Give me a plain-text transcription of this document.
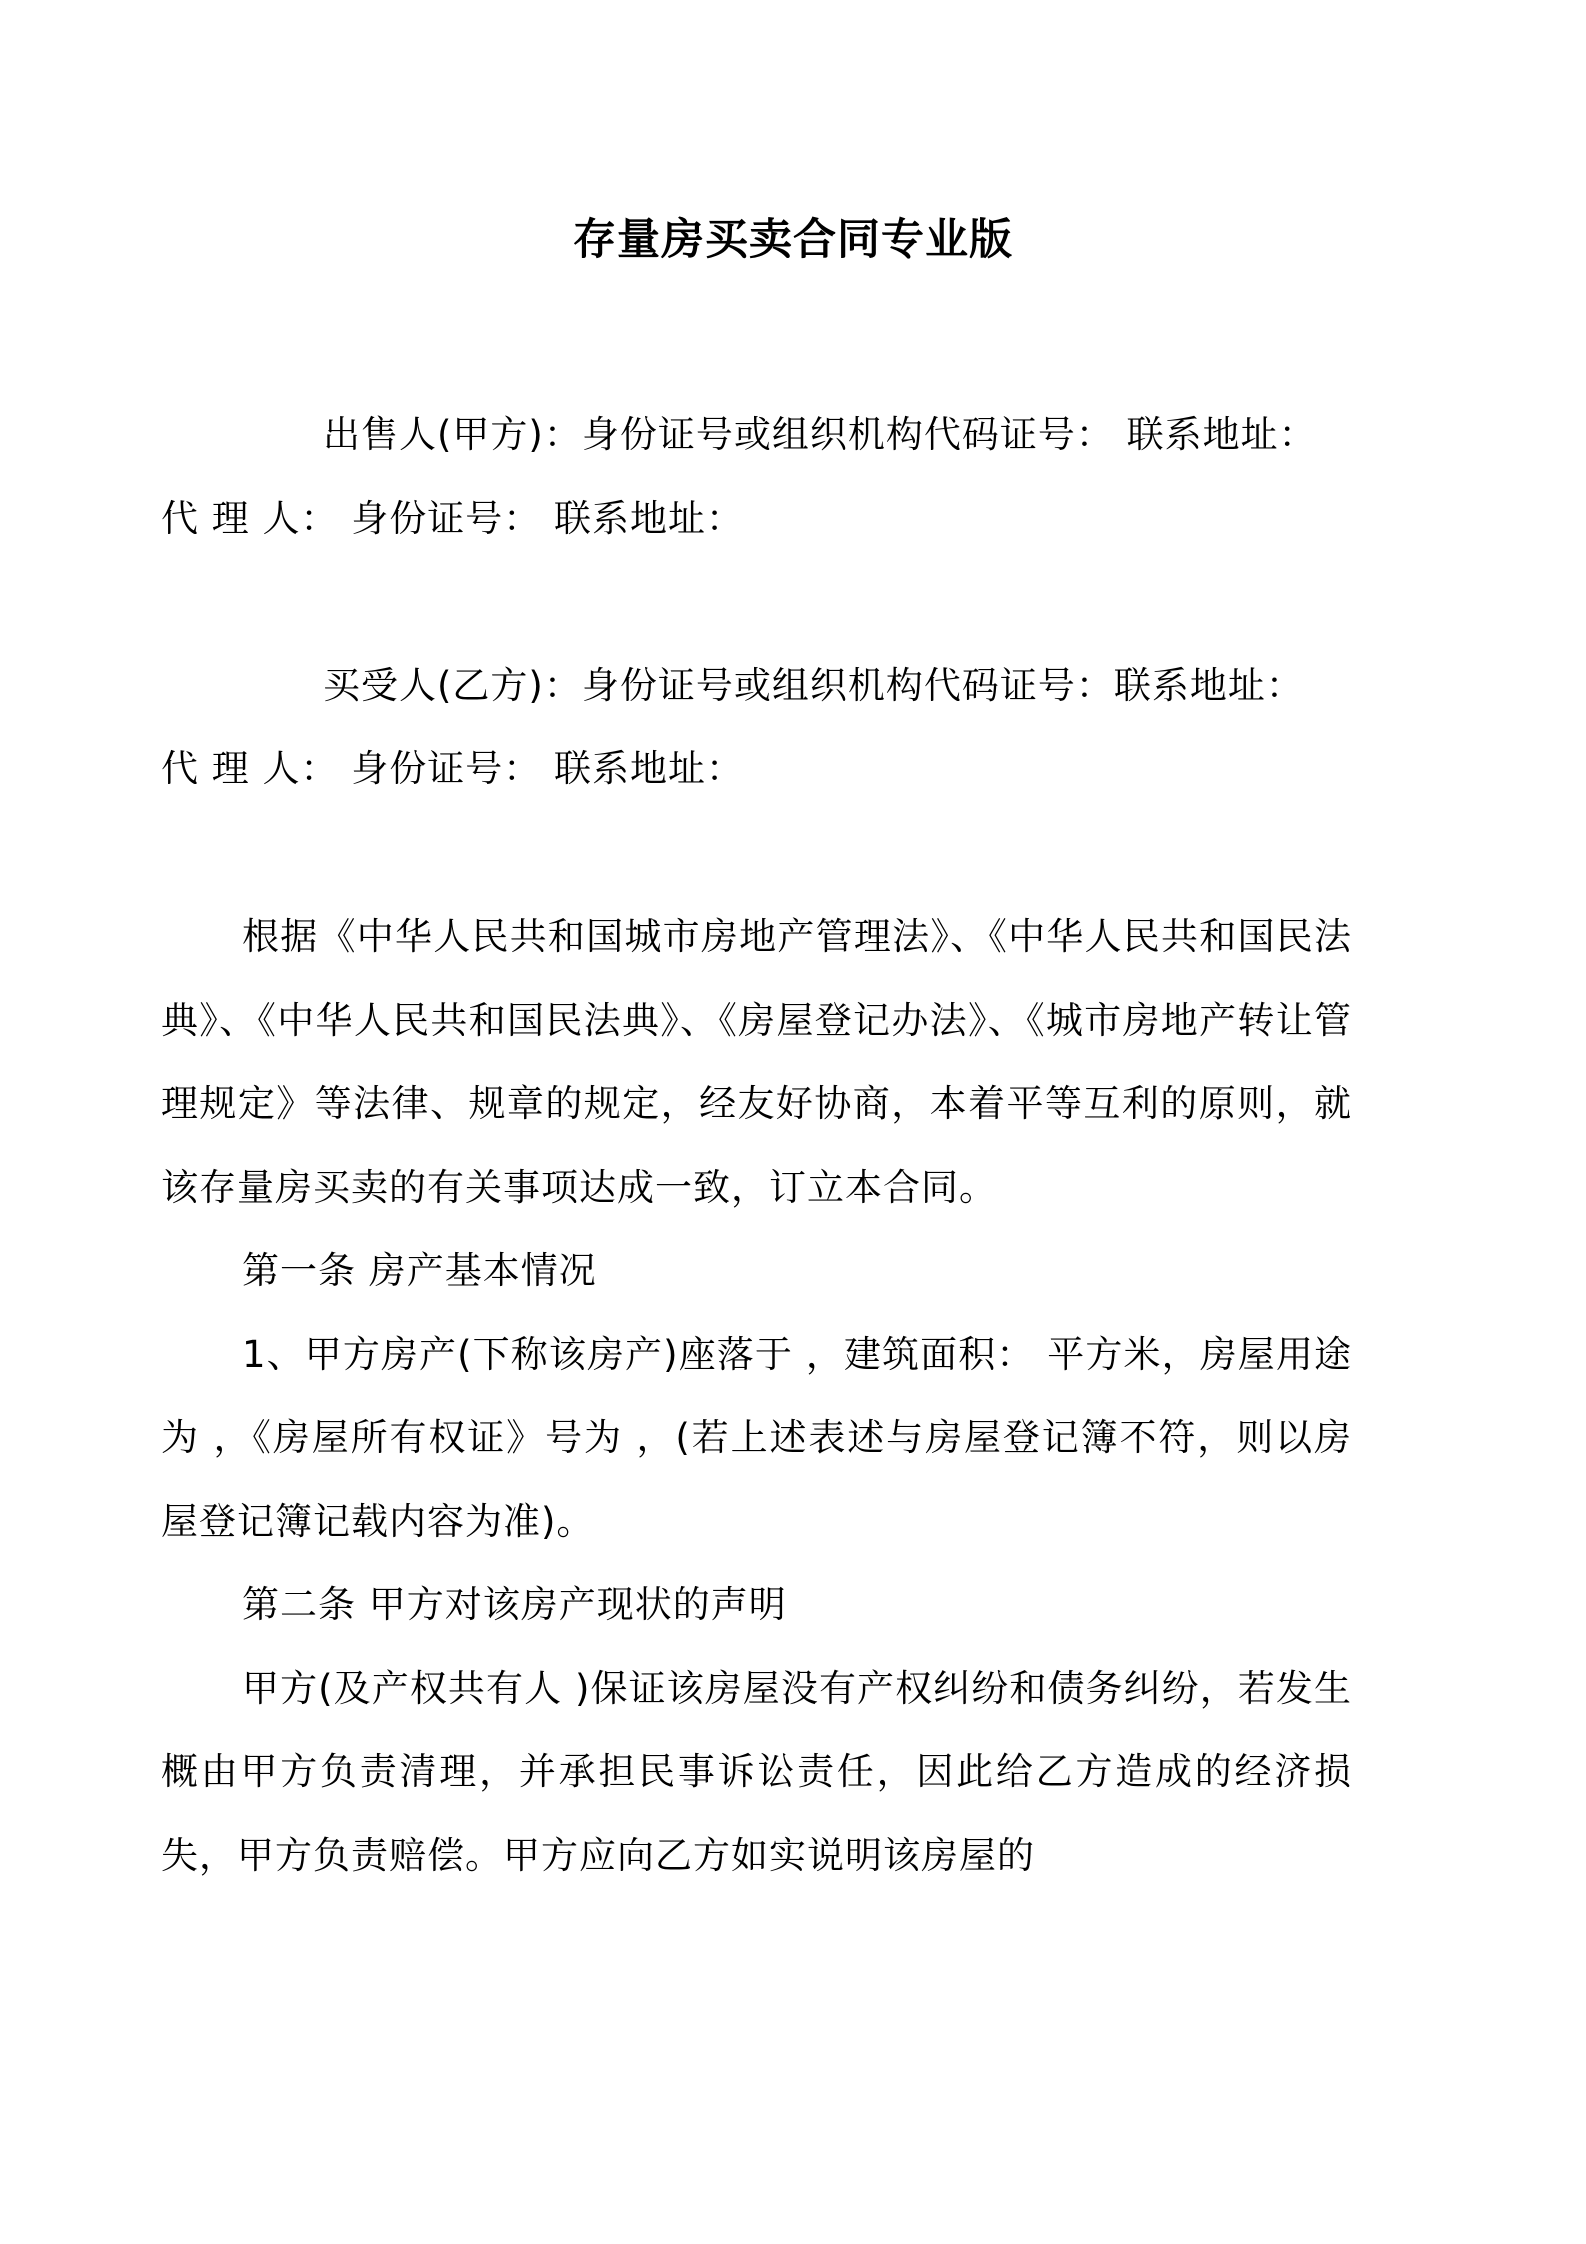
存量房买卖合同专业版

出售人(甲方)：身份证号或组织机构代码证号： 联系地址：

代 理 人： 身份证号： 联系地址：

买受人(乙方)：身份证号或组织机构代码证号：联系地址：

代 理 人： 身份证号： 联系地址：

根据《中华人民共和国城市房地产管理法》、《中华人民共和国民法典》、《中华人民共和国民法典》、《房屋登记办法》、《城市房地产转让管理规定》等法律、规章的规定，经友好协商，本着平等互利的原则，就该存量房买卖的有关事项达成一致，订立本合同。

第一条 房产基本情况

1、甲方房产(下称该房产)座落于 ，建筑面积： 平方米，房屋用途为 ，《房屋所有权证》号为 ，(若上述表述与房屋登记簿不符，则以房屋登记簿记载内容为准)。

第二条 甲方对该房产现状的声明

甲方(及产权共有人 )保证该房屋没有产权纠纷和债务纠纷，若发生概由甲方负责清理，并承担民事诉讼责任，因此给乙方造成的经济损失，甲方负责赔偿。甲方应向乙方如实说明该房屋的
